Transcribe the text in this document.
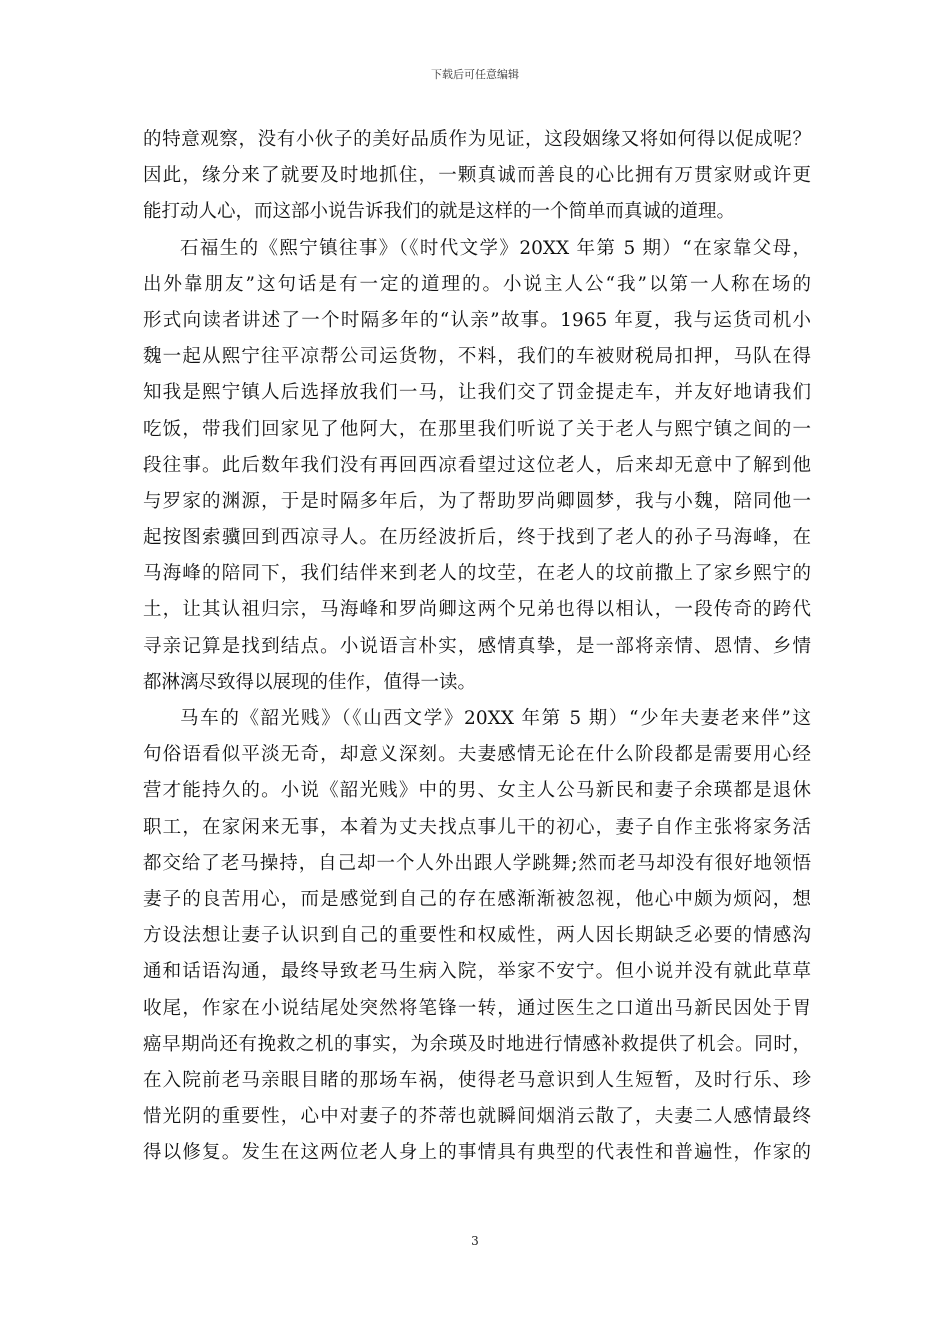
下载后可任意编辑
的特意观察，没有小伙子的美好品质作为见证，这段姻缘又将如何得以促成呢？
因此，缘分来了就要及时地抓住，一颗真诚而善良的心比拥有万贯家财或许更
能打动人心，而这部小说告诉我们的就是这样的一个简单而真诚的道理。
石福生的《熙宁镇往事》（《时代文学》20XX 年第 5 期）“在家靠父母，
出外靠朋友”这句话是有一定的道理的。小说主人公“我”以第一人称在场的
形式向读者讲述了一个时隔多年的“认亲”故事。1965 年夏，我与运货司机小
魏一起从熙宁往平凉帮公司运货物，不料，我们的车被财税局扣押，马队在得
知我是熙宁镇人后选择放我们一马，让我们交了罚金提走车，并友好地请我们
吃饭，带我们回家见了他阿大，在那里我们听说了关于老人与熙宁镇之间的一
段往事。此后数年我们没有再回西凉看望过这位老人，后来却无意中了解到他
与罗家的渊源，于是时隔多年后，为了帮助罗尚卿圆梦，我与小魏，陪同他一
起按图索骥回到西凉寻人。在历经波折后，终于找到了老人的孙子马海峰，在
马海峰的陪同下，我们结伴来到老人的坟茔，在老人的坟前撒上了家乡熙宁的
土，让其认祖归宗，马海峰和罗尚卿这两个兄弟也得以相认，一段传奇的跨代
寻亲记算是找到结点。小说语言朴实，感情真挚，是一部将亲情、恩情、乡情
都淋漓尽致得以展现的佳作，值得一读。
马车的《韶光贱》（《山西文学》20XX 年第 5 期）“少年夫妻老来伴”这
句俗语看似平淡无奇，却意义深刻。夫妻感情无论在什么阶段都是需要用心经
营才能持久的。小说《韶光贱》中的男、女主人公马新民和妻子余瑛都是退休
职工，在家闲来无事，本着为丈夫找点事儿干的初心，妻子自作主张将家务活
都交给了老马操持，自己却一个人外出跟人学跳舞;然而老马却没有很好地领悟
妻子的良苦用心，而是感觉到自己的存在感渐渐被忽视，他心中颇为烦闷，想
方设法想让妻子认识到自己的重要性和权威性，两人因长期缺乏必要的情感沟
通和话语沟通，最终导致老马生病入院，举家不安宁。但小说并没有就此草草
收尾，作家在小说结尾处突然将笔锋一转，通过医生之口道出马新民因处于胃
癌早期尚还有挽救之机的事实，为余瑛及时地进行情感补救提供了机会。同时，
在入院前老马亲眼目睹的那场车祸，使得老马意识到人生短暂，及时行乐、珍
惜光阴的重要性，心中对妻子的芥蒂也就瞬间烟消云散了，夫妻二人感情最终
得以修复。发生在这两位老人身上的事情具有典型的代表性和普遍性，作家的
3
